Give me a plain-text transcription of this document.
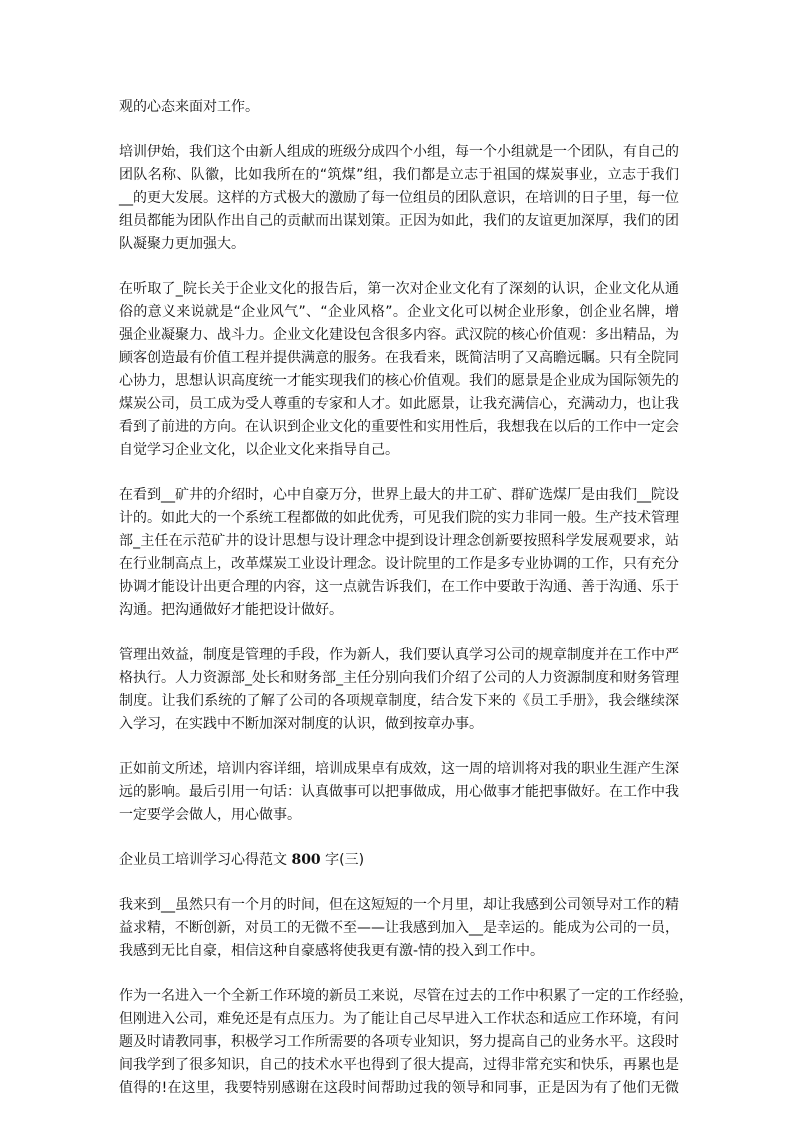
观的心态来面对工作。

培训伊始，我们这个由新人组成的班级分成四个小组，每一个小组就是一个团队，有自己的
团队名称、队徽，比如我所在的“筑煤”组，我们都是立志于祖国的煤炭事业，立志于我们
__的更大发展。这样的方式极大的激励了每一位组员的团队意识，在培训的日子里，每一位
组员都能为团队作出自己的贡献而出谋划策。正因为如此，我们的友谊更加深厚，我们的团
队凝聚力更加强大。

在听取了_院长关于企业文化的报告后，第一次对企业文化有了深刻的认识，企业文化从通
俗的意义来说就是“企业风气”、“企业风格”。企业文化可以树企业形象，创企业名牌，增
强企业凝聚力、战斗力。企业文化建设包含很多内容。武汉院的核心价值观：多出精品，为
顾客创造最有价值工程并提供满意的服务。在我看来，既简洁明了又高瞻远瞩。只有全院同
心协力，思想认识高度统一才能实现我们的核心价值观。我们的愿景是企业成为国际领先的
煤炭公司，员工成为受人尊重的专家和人才。如此愿景，让我充满信心，充满动力，也让我
看到了前进的方向。在认识到企业文化的重要性和实用性后，我想我在以后的工作中一定会
自觉学习企业文化，以企业文化来指导自己。

在看到__矿井的介绍时，心中自豪万分，世界上最大的井工矿、群矿选煤厂是由我们__院设
计的。如此大的一个系统工程都做的如此优秀，可见我们院的实力非同一般。生产技术管理
部_主任在示范矿井的设计思想与设计理念中提到设计理念创新要按照科学发展观要求，站
在行业制高点上，改革煤炭工业设计理念。设计院里的工作是多专业协调的工作，只有充分
协调才能设计出更合理的内容，这一点就告诉我们，在工作中要敢于沟通、善于沟通、乐于
沟通。把沟通做好才能把设计做好。

管理出效益，制度是管理的手段，作为新人，我们要认真学习公司的规章制度并在工作中严
格执行。人力资源部_处长和财务部_主任分别向我们介绍了公司的人力资源制度和财务管理
制度。让我们系统的了解了公司的各项规章制度，结合发下来的《员工手册》，我会继续深
入学习，在实践中不断加深对制度的认识，做到按章办事。

正如前文所述，培训内容详细，培训成果卓有成效，这一周的培训将对我的职业生涯产生深
远的影响。最后引用一句话：认真做事可以把事做成，用心做事才能把事做好。在工作中我
一定要学会做人，用心做事。

企业员工培训学习心得范文 800 字(三)

我来到__虽然只有一个月的时间，但在这短短的一个月里，却让我感到公司领导对工作的精
益求精，不断创新，对员工的无微不至——让我感到加入__是幸运的。能成为公司的一员，
我感到无比自豪，相信这种自豪感将使我更有激-情的投入到工作中。

作为一名进入一个全新工作环境的新员工来说，尽管在过去的工作中积累了一定的工作经验，
但刚进入公司，难免还是有点压力。为了能让自己尽早进入工作状态和适应工作环境，有问
题及时请教同事，积极学习工作所需要的各项专业知识，努力提高自己的业务水平。这段时
间我学到了很多知识，自己的技术水平也得到了很大提高，过得非常充实和快乐，再累也是
值得的!在这里，我要特别感谢在这段时间帮助过我的领导和同事，正是因为有了他们无微
